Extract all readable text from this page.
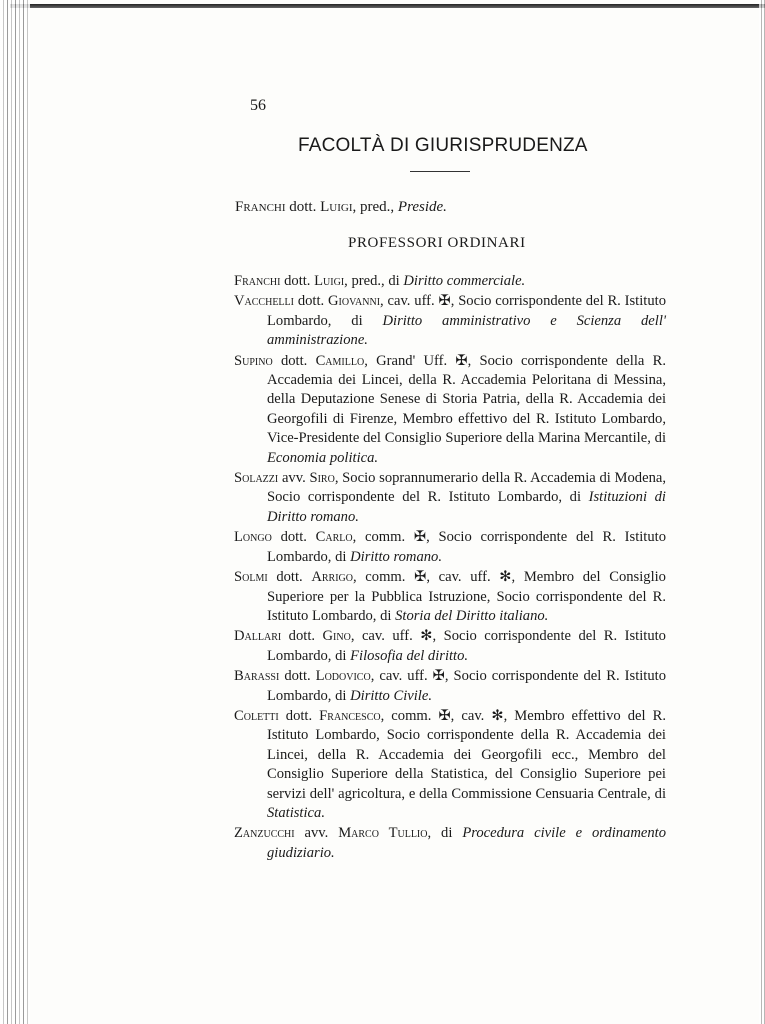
56
FACOLTÀ DI GIURISPRUDENZA
Franchi dott. Luigi, pred., Preside.
PROFESSORI ORDINARI
Franchi dott. Luigi, pred., di Diritto commerciale.
Vacchelli dott. Giovanni, cav. uff. ✠, Socio corrispondente del R. Istituto Lombardo, di Diritto amministrativo e Scienza dell' amministrazione.
Supino dott. Camillo, Grand' Uff. ✠, Socio corrispondente della R. Accademia dei Lincei, della R. Accademia Peloritana di Messina, della Deputazione Senese di Storia Patria, della R. Accademia dei Georgofili di Firenze, Membro effettivo del R. Istituto Lombardo, Vice-Presidente del Consiglio Superiore della Marina Mercantile, di Economia politica.
Solazzi avv. Siro, Socio soprannumerario della R. Accademia di Modena, Socio corrispondente del R. Istituto Lombardo, di Istituzioni di Diritto romano.
Longo dott. Carlo, comm. ✠, Socio corrispondente del R. Istituto Lombardo, di Diritto romano.
Solmi dott. Arrigo, comm. ✠, cav. uff. ✻, Membro del Consiglio Superiore per la Pubblica Istruzione, Socio corrispondente del R. Istituto Lombardo, di Storia del Diritto italiano.
Dallari dott. Gino, cav. uff. ✻, Socio corrispondente del R. Istituto Lombardo, di Filosofia del diritto.
Barassi dott. Lodovico, cav. uff. ✠, Socio corrispondente del R. Istituto Lombardo, di Diritto Civile.
Coletti dott. Francesco, comm. ✠, cav. ✻, Membro effettivo del R. Istituto Lombardo, Socio corrispondente della R. Accademia dei Lincei, della R. Accademia dei Georgofili ecc., Membro del Consiglio Superiore della Statistica, del Consiglio Superiore pei servizi dell' agricoltura, e della Commissione Censuaria Centrale, di Statistica.
Zanzucchi avv. Marco Tullio, di Procedura civile e ordinamento giudiziario.
